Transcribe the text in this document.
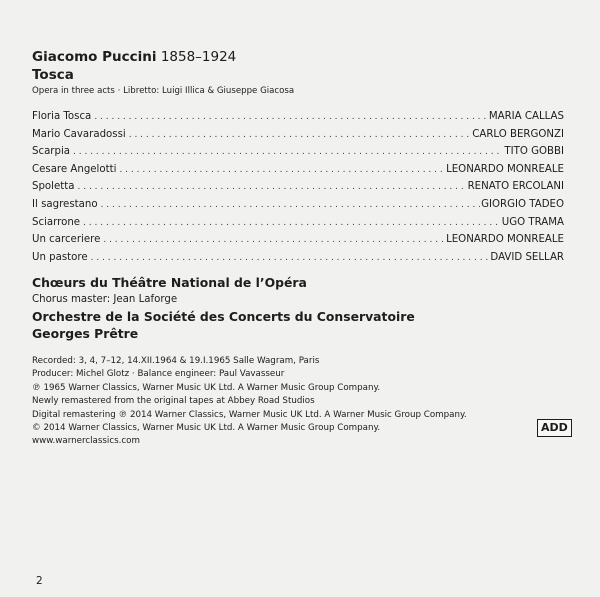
Giacomo Puccini 1858–1924
Tosca
Opera in three acts · Libretto: Luigi Illica & Giuseppe Giacosa
Floria Tosca . . .	MARIA CALLAS
Mario Cavaradossi . . .	CARLO BERGONZI
Scarpia . . .	TITO GOBBI
Cesare Angelotti . . .	LEONARDO MONREALE
Spoletta . . .	RENATO ERCOLANI
Il sagrestano . . .	GIORGIO TADEO
Sciarrone . . .	UGO TRAMA
Un carceriere . . .	LEONARDO MONREALE
Un pastore . . .	DAVID SELLAR
Chœurs du Théâtre National de l’Opéra
Chorus master: Jean Laforge
Orchestre de la Société des Concerts du Conservatoire
Georges Prêtre
Recorded: 3, 4, 7–12, 14.XII.1964 & 19.I.1965 Salle Wagram, Paris
Producer: Michel Glotz · Balance engineer: Paul Vavasseur
℗ 1965 Warner Classics, Warner Music UK Ltd. A Warner Music Group Company.
Newly remastered from the original tapes at Abbey Road Studios
Digital remastering ℗ 2014 Warner Classics, Warner Music UK Ltd. A Warner Music Group Company.
© 2014 Warner Classics, Warner Music UK Ltd. A Warner Music Group Company.
www.warnerclassics.com
ADD
2
